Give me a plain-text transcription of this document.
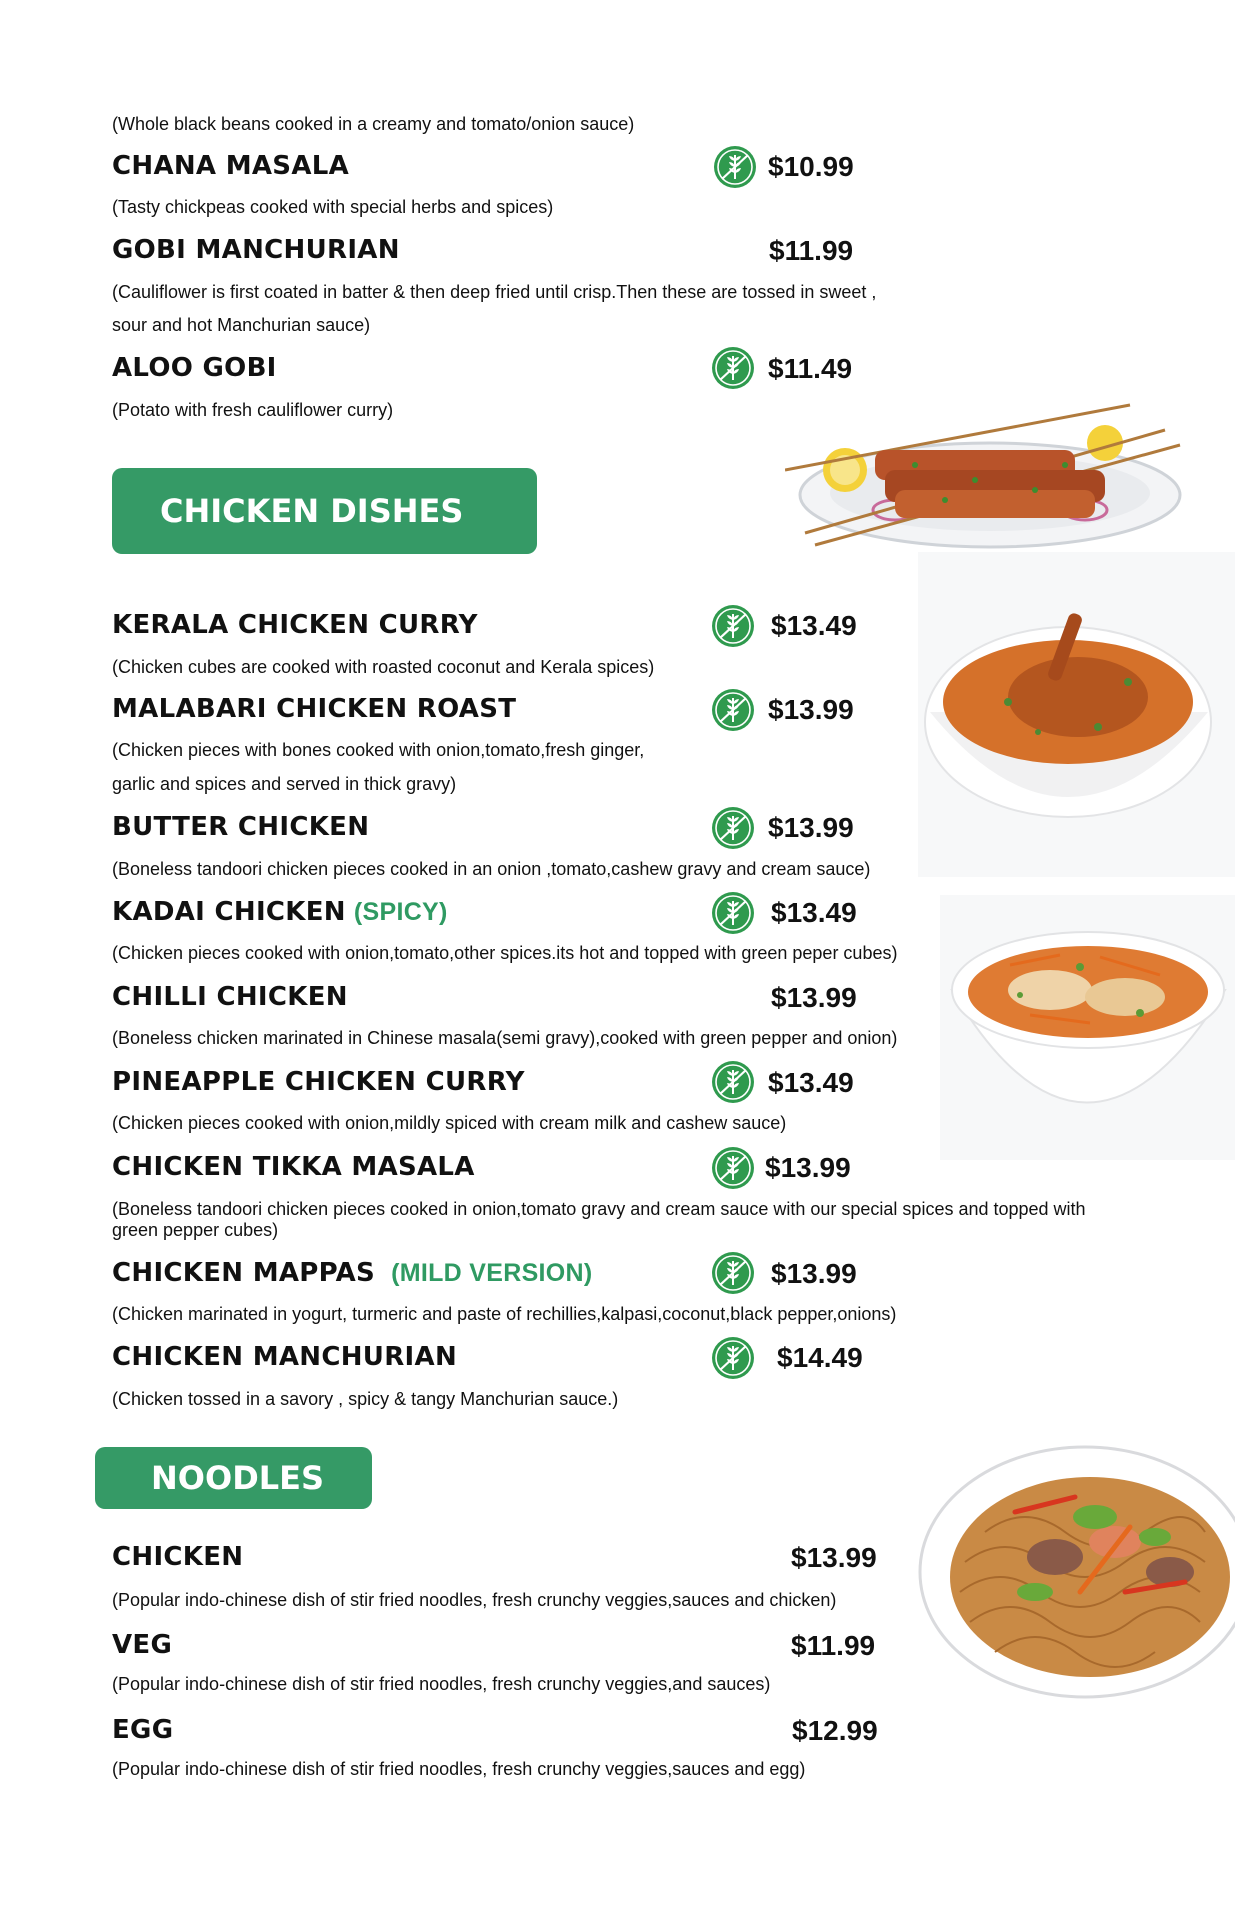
(Whole black beans cooked in a creamy and tomato/onion sauce)
CHANA MASALA	$10.99
(Tasty chickpeas cooked with special herbs and spices)
GOBI MANCHURIAN	$11.99
(Cauliflower is first coated in batter & then deep fried until crisp.Then these are tossed in sweet ,
sour and hot Manchurian sauce)
ALOO GOBI	$11.49
(Potato with fresh cauliflower curry)
CHICKEN DISHES
KERALA CHICKEN CURRY	$13.49
(Chicken cubes are cooked with roasted coconut and Kerala spices)
MALABARI CHICKEN ROAST	$13.99
(Chicken pieces with bones cooked with onion,tomato,fresh ginger,
garlic and spices and served in thick gravy)
BUTTER CHICKEN	$13.99
(Boneless tandoori chicken pieces cooked in an onion ,tomato,cashew gravy and cream sauce)
KADAI CHICKEN (SPICY)	$13.49
(Chicken pieces cooked with onion,tomato,other spices.its hot and topped with green peper cubes)
CHILLI CHICKEN	$13.99
(Boneless chicken marinated in Chinese masala(semi gravy),cooked with green pepper and onion)
PINEAPPLE CHICKEN CURRY	$13.49
(Chicken pieces cooked with onion,mildly spiced with cream milk and cashew sauce)
CHICKEN TIKKA MASALA	$13.99
(Boneless tandoori chicken pieces cooked in onion,tomato gravy and cream sauce with our special spices and topped with green pepper cubes)
CHICKEN MAPPAS (MILD VERSION)	$13.99
(Chicken marinated in yogurt, turmeric and paste of rechillies,kalpasi,coconut,black pepper,onions)
CHICKEN MANCHURIAN	$14.49
(Chicken tossed in a savory , spicy & tangy Manchurian sauce.)
NOODLES
CHICKEN	$13.99
(Popular indo-chinese dish of stir fried noodles, fresh crunchy veggies,sauces and chicken)
VEG	$11.99
(Popular indo-chinese dish of stir fried noodles, fresh crunchy veggies,and sauces)
EGG	$12.99
(Popular indo-chinese dish of stir fried noodles, fresh crunchy veggies,sauces and egg)
